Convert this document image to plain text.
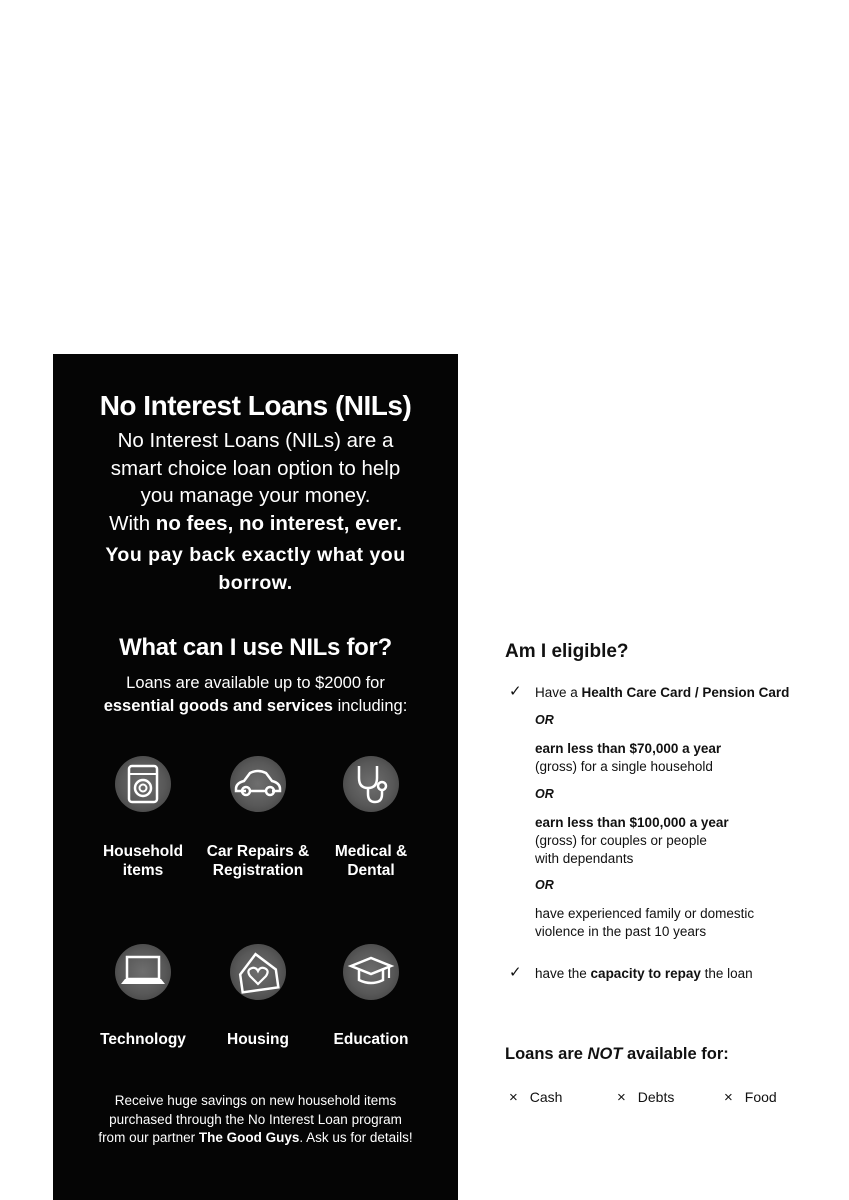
No Interest Loans (NILs)
No Interest Loans (NILs) are a
smart choice loan option to help
you manage your money.
With no fees, no interest, ever.
You pay back exactly what you borrow.
What can I use NILs for?
Loans are available up to $2000 for
essential goods and services including:
Household items
Car Repairs & Registration
Medical & Dental
Technology	Housing	Education
Receive huge savings on new household items
purchased through the No Interest Loan program
from our partner The Good Guys. Ask us for details!
Am I eligible?
✓ Have a Health Care Card / Pension Card
OR
earn less than $70,000 a year
(gross) for a single household
OR
earn less than $100,000 a year
(gross) for couples or people
with dependants
OR
have experienced family or domestic
violence in the past 10 years
✓ have the capacity to repay the loan
Loans are NOT available for:
× Cash	× Debts	× Food
